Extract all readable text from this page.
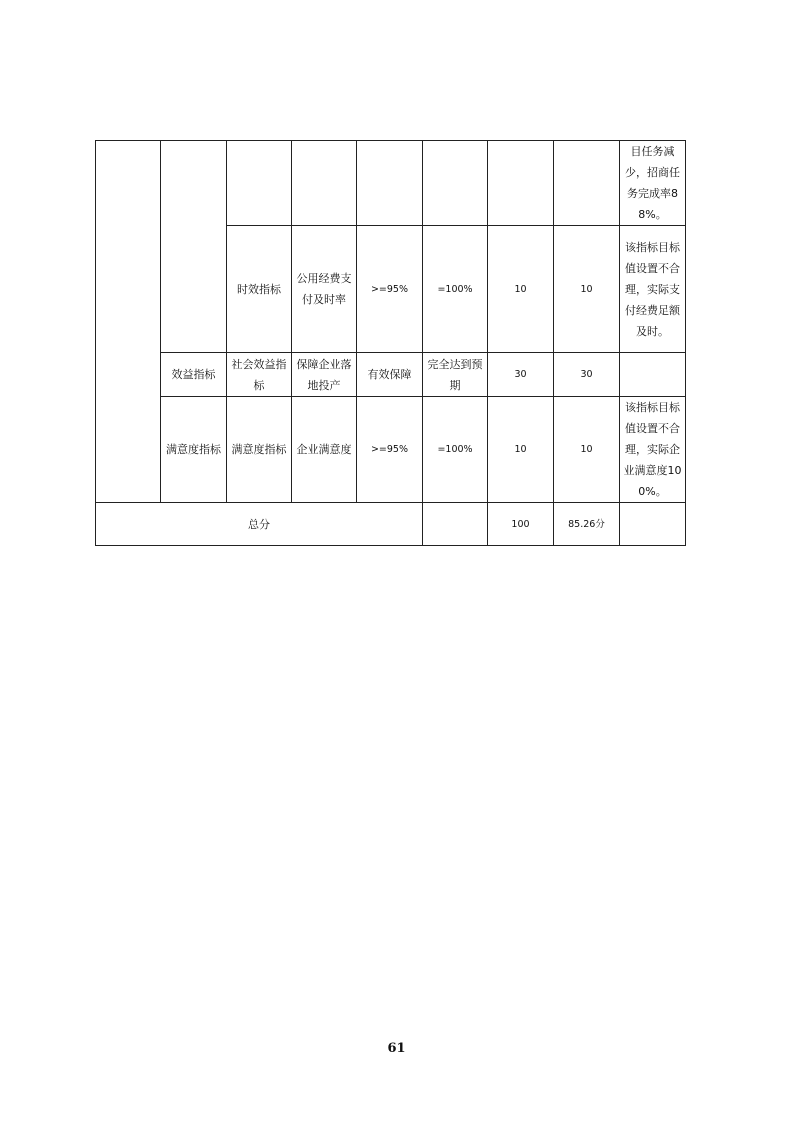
								目任务减少，招商任务完成率88%。
		时效指标	公用经费支付及时率	>=95%	=100%	10	10	该指标目标值设置不合理，实际支付经费足额及时。
	效益指标	社会效益指标	保障企业落地投产	有效保障	完全达到预期	30	30	
	满意度指标	满意度指标	企业满意度	>=95%	=100%	10	10	该指标目标值设置不合理，实际企业满意度100%。
总分						100	85.26分	
61
